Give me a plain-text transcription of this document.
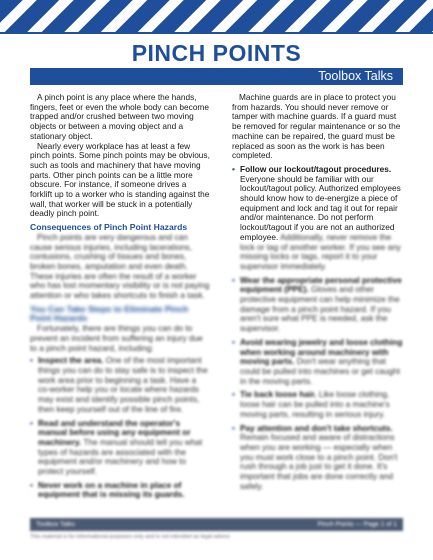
PINCH POINTS
Toolbox Talks

A pinch point is any place where the hands, fingers, feet or even the whole body can become trapped and/or crushed between two moving objects or between a moving object and a stationary object.

Nearly every workplace has at least a few pinch points. Some pinch points may be obvious, such as tools and machinery that have moving parts. Other pinch points can be a little more obscure. For instance, if someone drives a forklift up to a worker who is standing against the wall, that worker will be stuck in a potentially deadly pinch point.

Consequences of Pinch Point Hazards

Pinch points are very dangerous and can cause serious injuries, including lacerations, contusions, crushing of tissues and bones, broken bones, amputation and even death. These injuries are often the result of a worker who has lost momentary visibility or is not paying attention or who takes shortcuts to finish a task.

You Can Take Steps to Eliminate Pinch Point Hazards

Fortunately, there are things you can do to prevent an incident from suffering an injury due to a pinch point hazard, including:

• Inspect the area. One of the most important things you can do to stay safe is to inspect the work area prior to beginning a task. Have a co-worker help you or locate where hazards may exist and identify possible pinch points, then keep yourself out of the line of fire.
• Read and understand the operator's manual before using any equipment or machinery. The manual should tell you what types of hazards are associated with the equipment and/or machinery and how to protect yourself.
• Never work on a machine in place of equipment that is missing its guards.

Machine guards are in place to protect you from hazards. You should never remove or tamper with machine guards. If a guard must be removed for regular maintenance or so the machine can be repaired, the guard must be replaced as soon as the work is has been completed.

• Follow our lockout/tagout procedures. Everyone should be familiar with our lockout/tagout policy. Authorized employees should know how to de-energize a piece of equipment and lock and tag it out for repair and/or maintenance. Do not perform lockout/tagout if you are not an authorized employee. Additionally, never remove the lock or tag of another worker. If you see any missing locks or tags, report it to your supervisor immediately.
• Wear the appropriate personal protective equipment (PPE). Gloves and other protective equipment can help minimize the damage from a pinch point hazard. If you aren't sure what PPE is needed, ask the supervisor.
• Avoid wearing jewelry and loose clothing when working around machinery with moving parts. Don't wear anything that could be pulled into machines or get caught in the moving parts.
• Tie back loose hair. Like loose clothing, loose hair can be pulled into a machine's moving parts, resulting in serious injury.
• Pay attention and don't take shortcuts. Remain focused and aware of distractions when you are working — especially when you must work close to a pinch point. Don't rush through a job just to get it done. It's important that jobs are done correctly and safely.
Toolbox Talks	Pinch Points — Page 1 of 1
This material is for informational purposes only and is not intended as legal advice.
